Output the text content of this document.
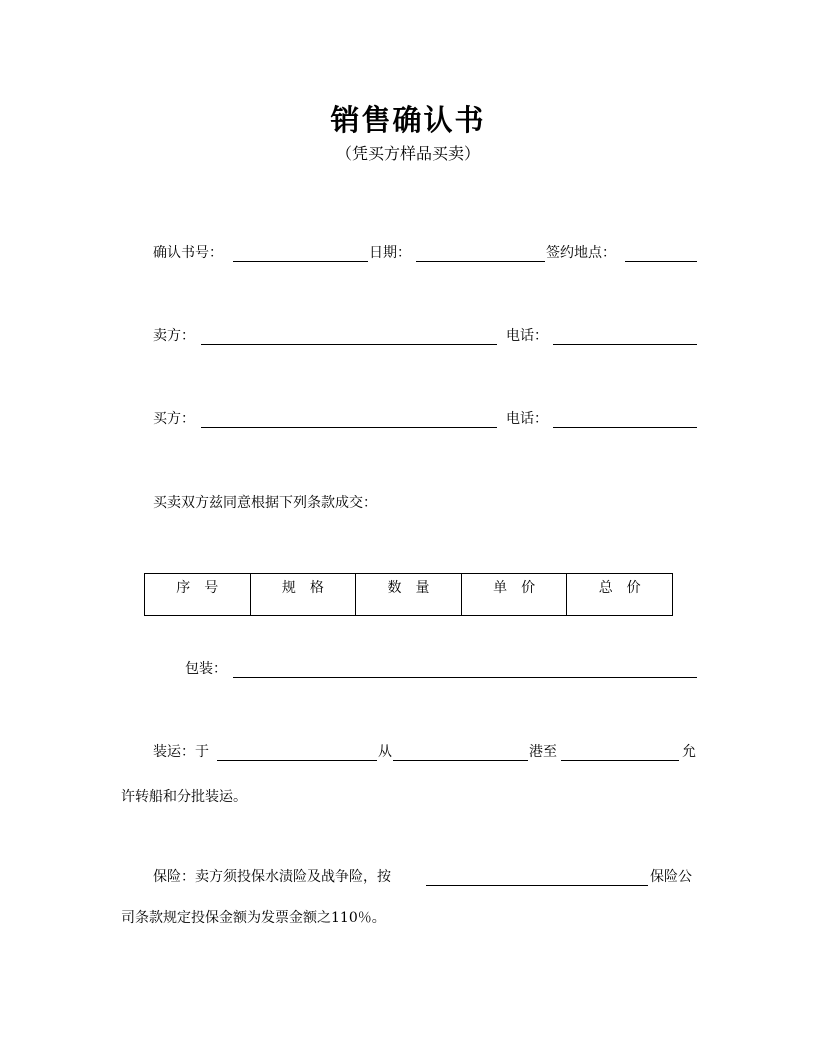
销售确认书
（凭买方样品买卖）
确认书号：	日期：	签约地点：
卖方：	电话：
买方：	电话：
买卖双方兹同意根据下列条款成交：
序　号	规　格	数　量	单　价	总　价
包装：
装运：于	从	港至	允
许转船和分批装运。
保险：卖方须投保水渍险及战争险，按	保险公
司条款规定投保金额为发票金额之110％。
